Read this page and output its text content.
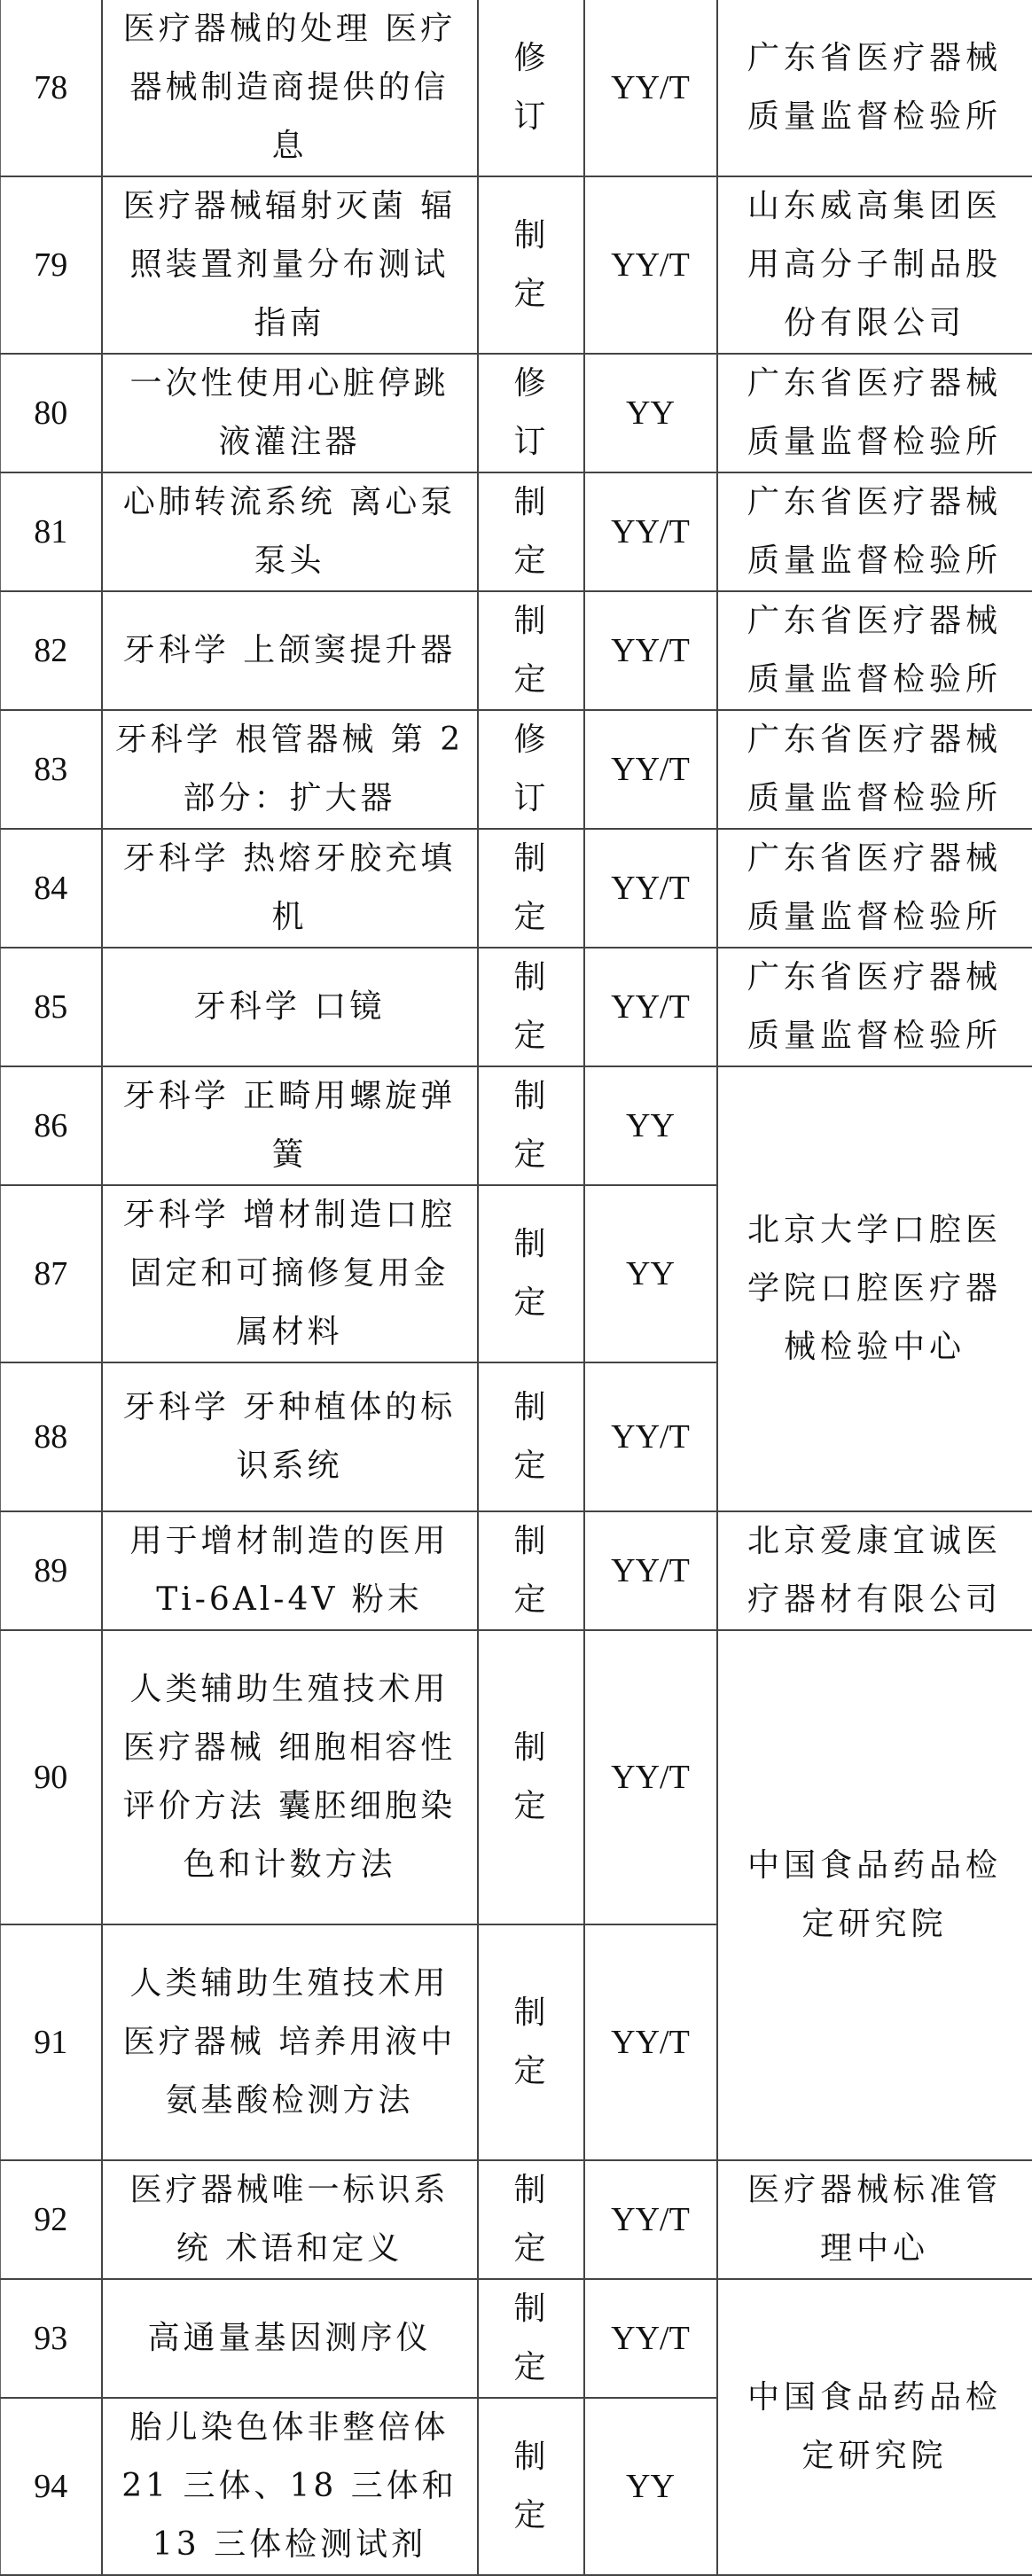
78	医疗器械的处理 医疗器械制造商提供的信息	修订	YY/T	广东省医疗器械质量监督检验所
79	医疗器械辐射灭菌 辐照装置剂量分布测试指南	制定	YY/T	山东威高集团医用高分子制品股份有限公司
80	一次性使用心脏停跳液灌注器	修订	YY	广东省医疗器械质量监督检验所
81	心肺转流系统 离心泵泵头	制定	YY/T	广东省医疗器械质量监督检验所
82	牙科学 上颌窦提升器	制定	YY/T	广东省医疗器械质量监督检验所
83	牙科学 根管器械 第 2 部分：扩大器	修订	YY/T	广东省医疗器械质量监督检验所
84	牙科学 热熔牙胶充填机	制定	YY/T	广东省医疗器械质量监督检验所
85	牙科学 口镜	制定	YY/T	广东省医疗器械质量监督检验所
86	牙科学 正畸用螺旋弹簧	制定	YY	北京大学口腔医学院口腔医疗器械检验中心
87	牙科学 增材制造口腔固定和可摘修复用金属材料	制定	YY	
88	牙科学 牙种植体的标识系统	制定	YY/T	
89	用于增材制造的医用 Ti-6Al-4V 粉末	制定	YY/T	北京爱康宜诚医疗器材有限公司
90	人类辅助生殖技术用医疗器械 细胞相容性评价方法 囊胚细胞染色和计数方法	制定	YY/T	中国食品药品检定研究院
91	人类辅助生殖技术用医疗器械 培养用液中氨基酸检测方法	制定	YY/T	
92	医疗器械唯一标识系统 术语和定义	制定	YY/T	医疗器械标准管理中心
93	高通量基因测序仪	制定	YY/T	中国食品药品检定研究院
94	胎儿染色体非整倍体 21 三体、18 三体和 13 三体检测试剂	制定	YY	
